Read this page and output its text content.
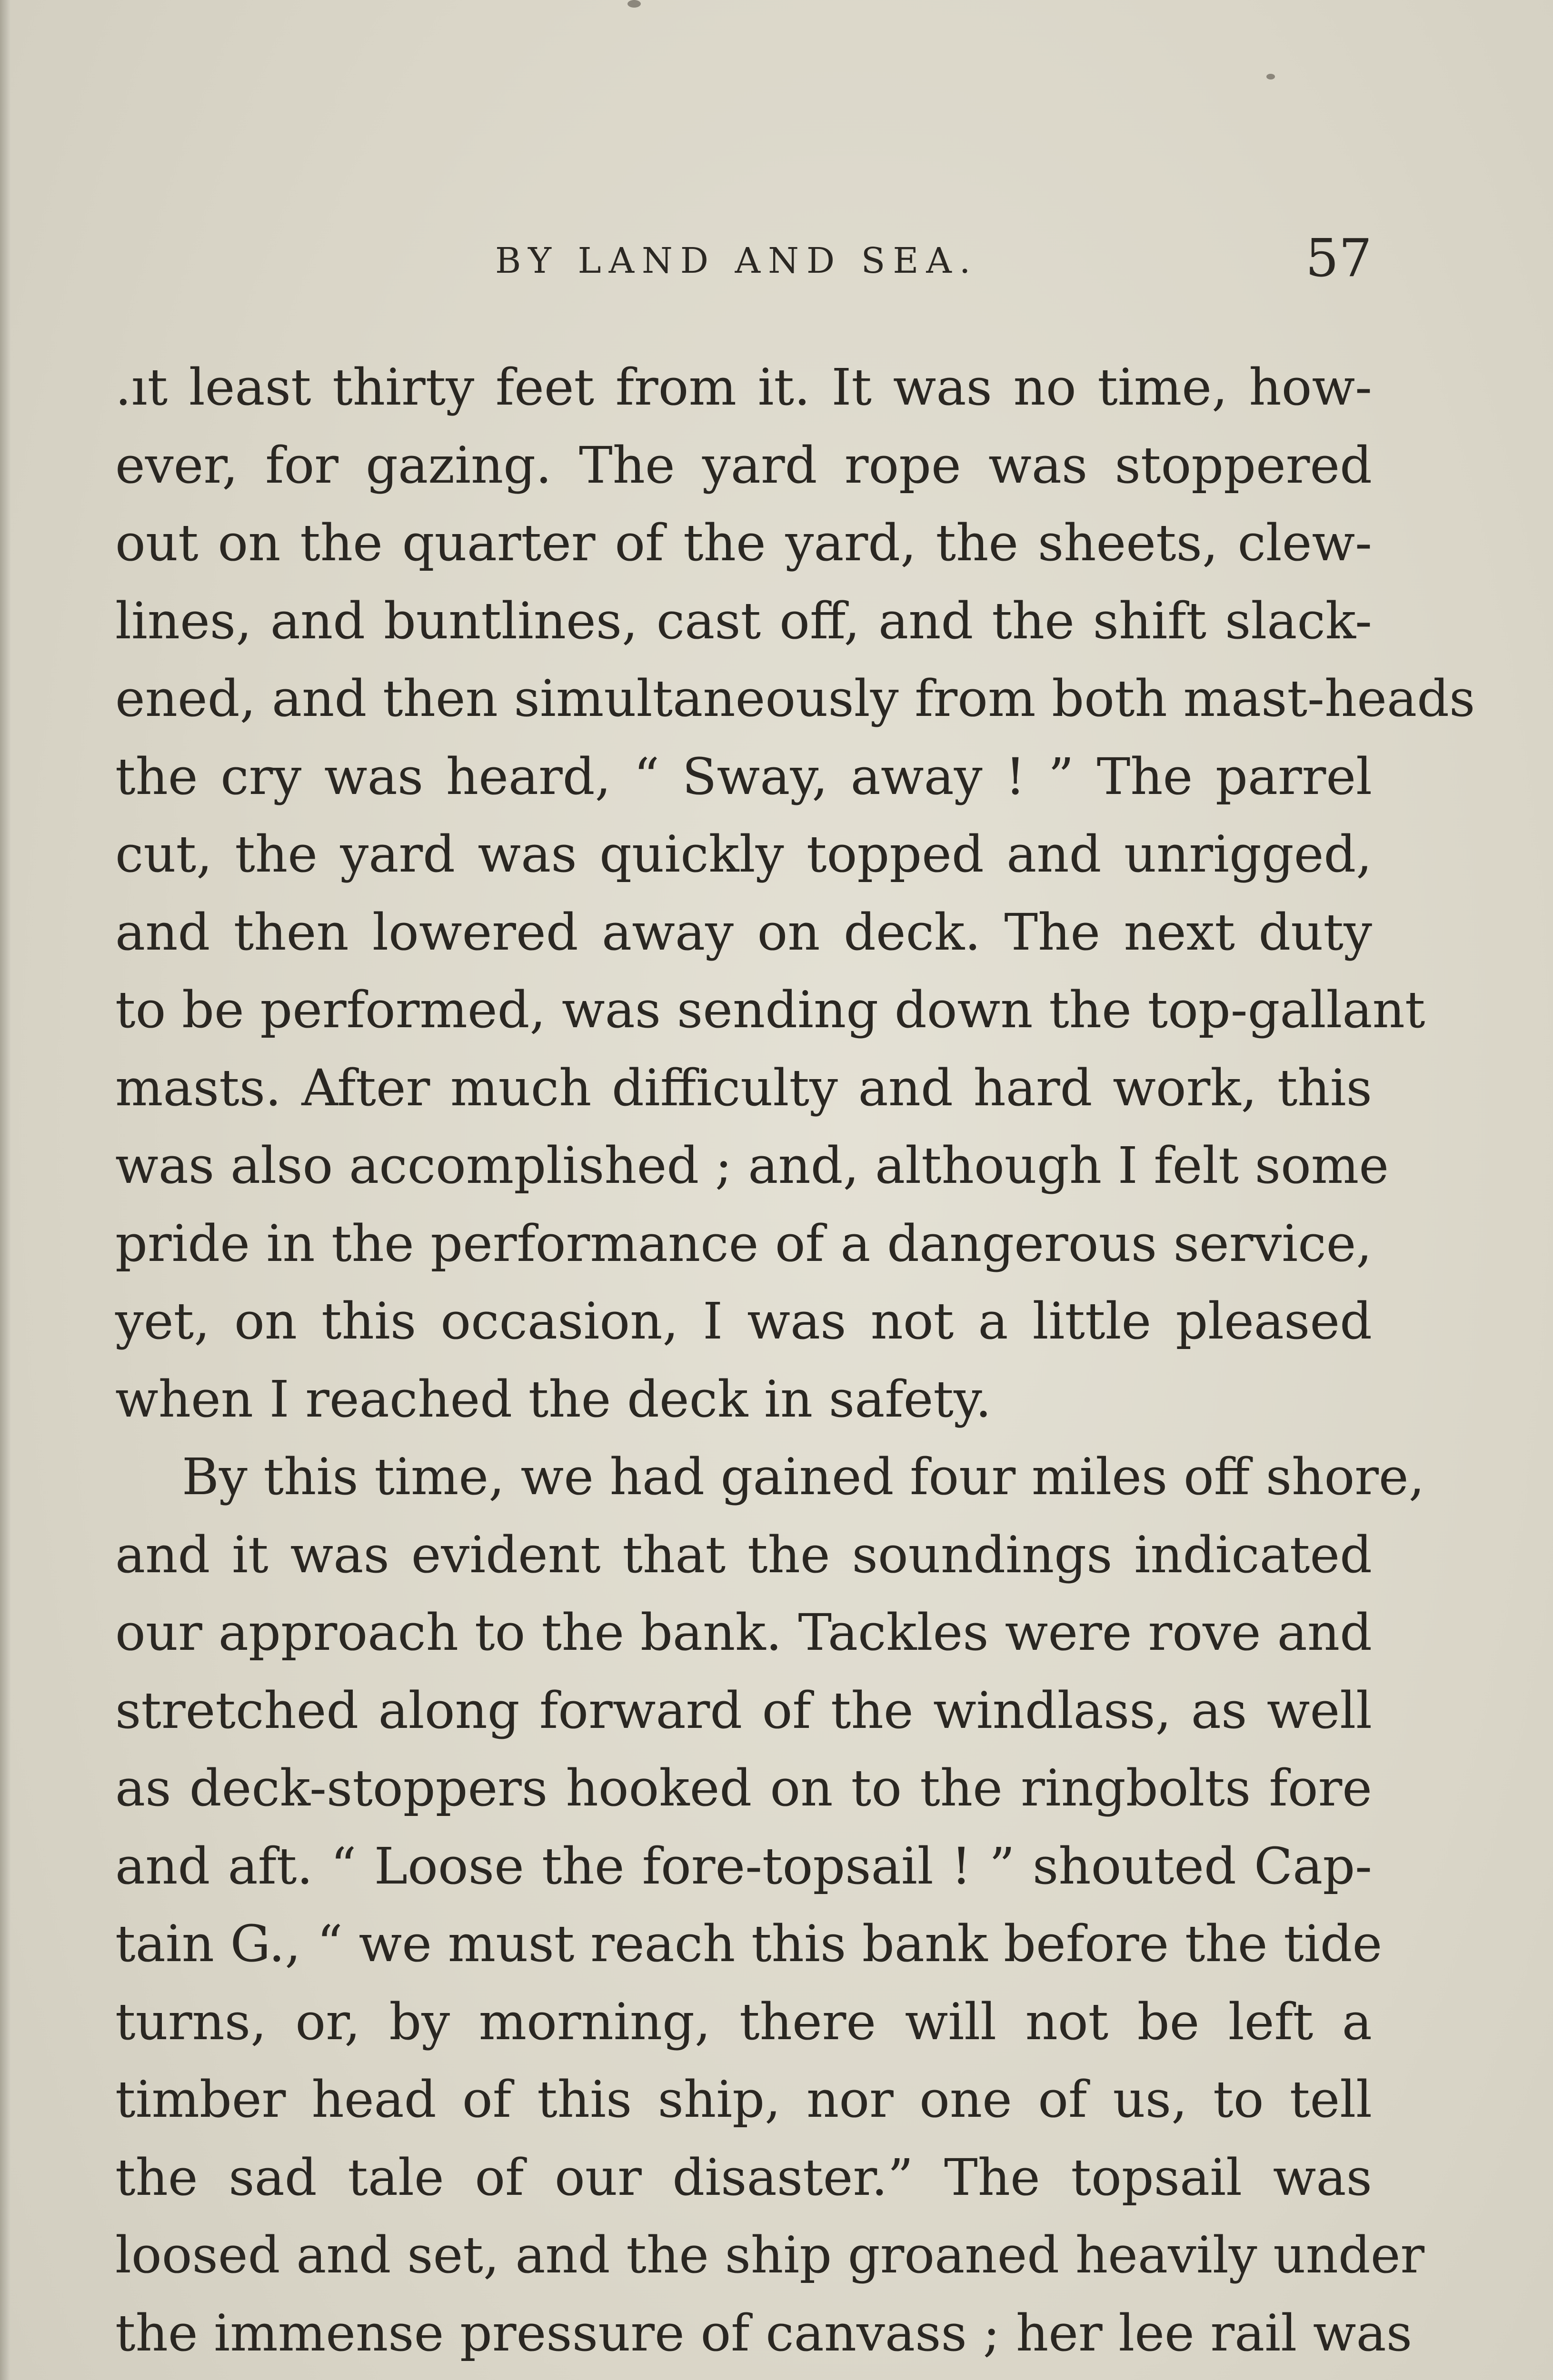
BY LAND AND SEA.	57
.ıt least thirty feet from it. It was no time, how-
ever, for gazing. The yard rope was stoppered
out on the quarter of the yard, the sheets, clew-
lines, and buntlines, cast off, and the shift slack-
ened, and then simultaneously from both mast-heads
the cry was heard, “ Sway, away ! ” The parrel
cut, the yard was quickly topped and unrigged,
and then lowered away on deck. The next duty
to be performed, was sending down the top-gallant
masts. After much difficulty and hard work, this
was also accomplished ; and, although I felt some
pride in the performance of a dangerous service,
yet, on this occasion, I was not a little pleased
when I reached the deck in safety.
By this time, we had gained four miles off shore,
and it was evident that the soundings indicated
our approach to the bank. Tackles were rove and
stretched along forward of the windlass, as well
as deck-stoppers hooked on to the ringbolts fore
and aft. “ Loose the fore-topsail ! ” shouted Cap-
tain G., “ we must reach this bank before the tide
turns, or, by morning, there will not be left a
timber head of this ship, nor one of us, to tell
the sad tale of our disaster.” The topsail was
loosed and set, and the ship groaned heavily under
the immense pressure of canvass ; her lee rail was
